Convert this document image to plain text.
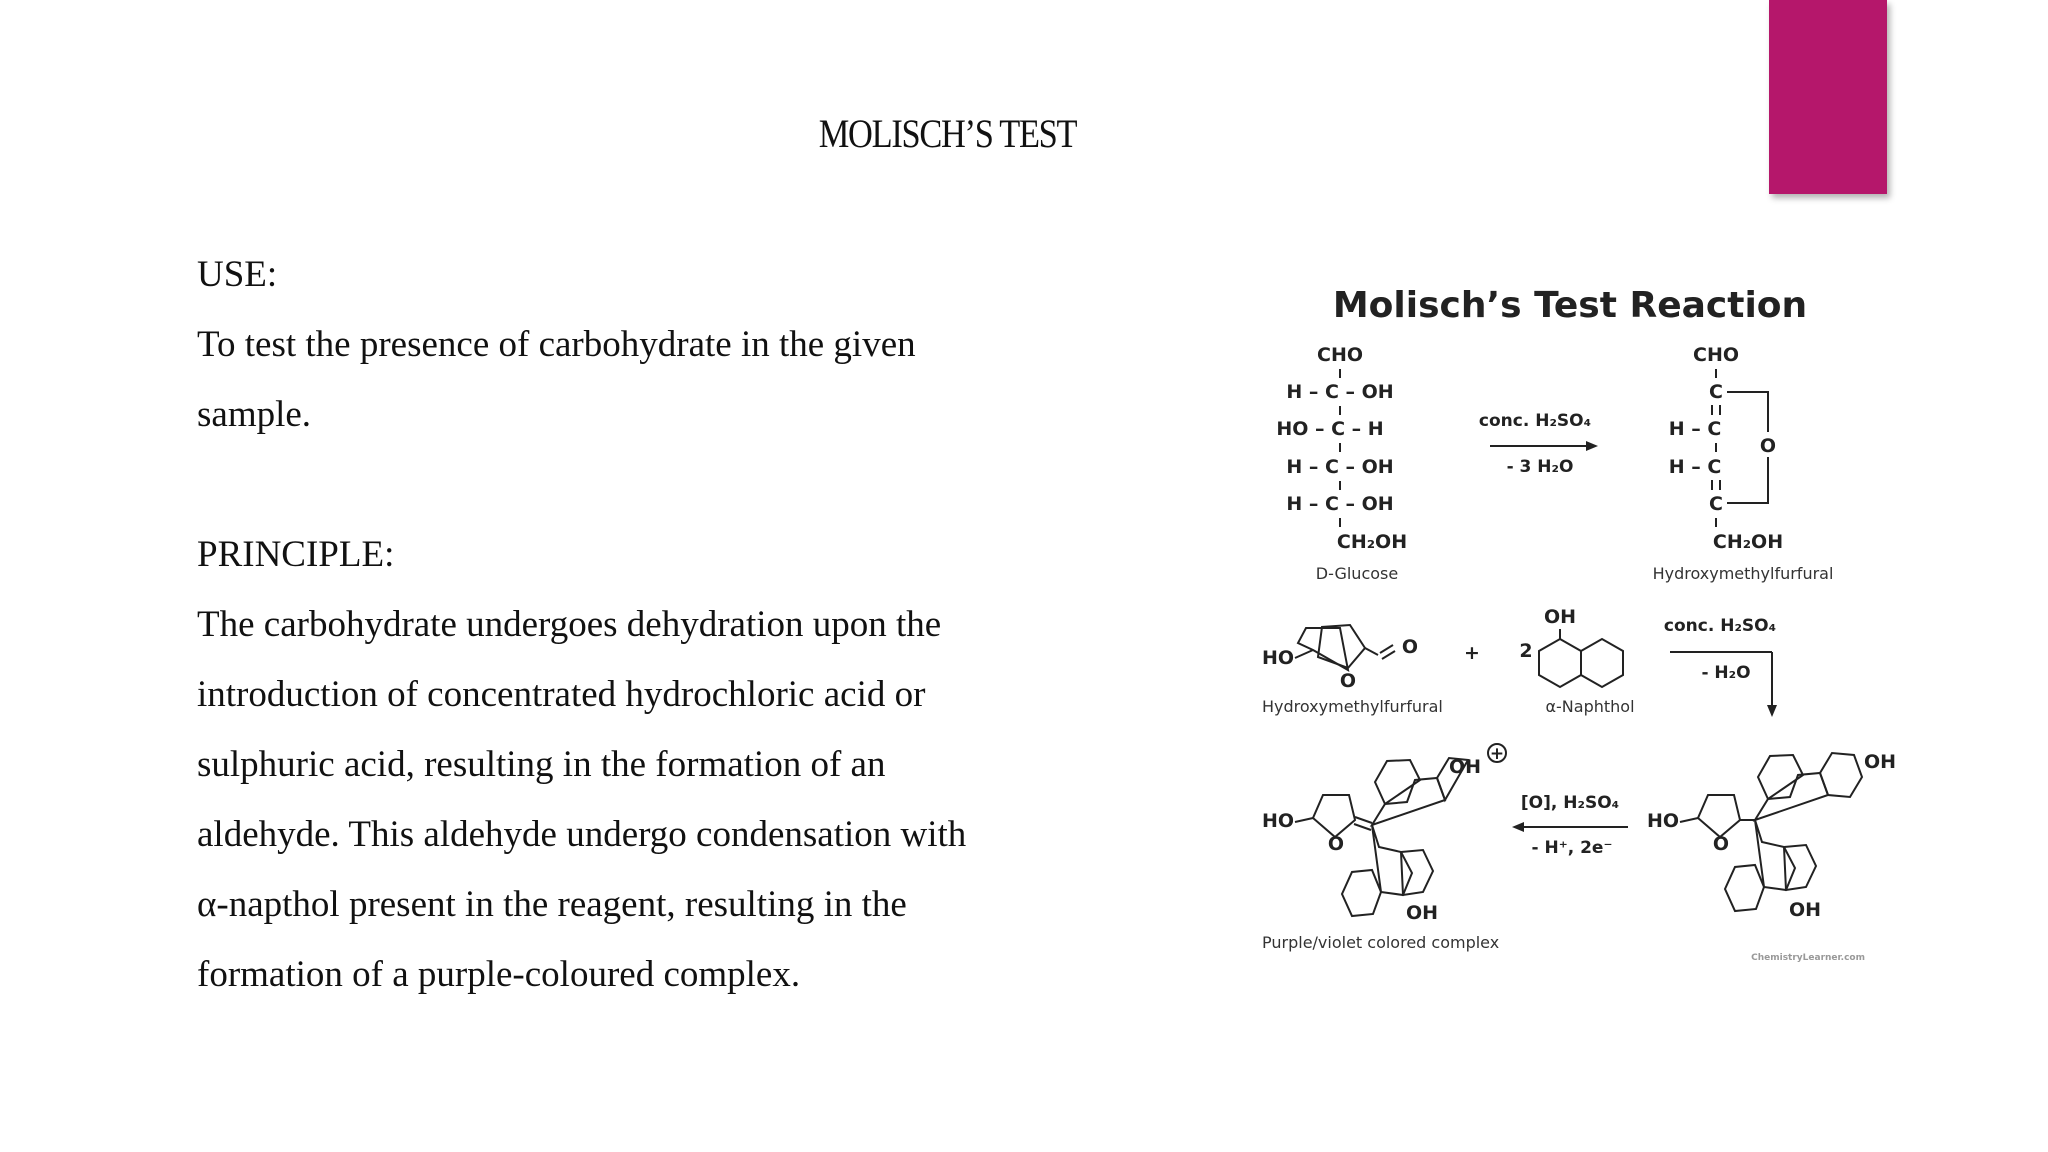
MOLISCH’S TEST

USE:

To test the presence of carbohydrate in the given

sample.

PRINCIPLE:

The carbohydrate undergoes dehydration upon the

introduction of concentrated hydrochloric acid or

sulphuric acid, resulting in the formation of an

aldehyde. This aldehyde undergo condensation with

α-napthol present in the reagent, resulting in the

formation of a purple-coloured complex.

Molisch’s Test Reaction
CHO
H – C – OH
HO – C – H
H – C – OH
H – C – OH
CH₂OH
D-Glucose
conc. H₂SO₄
- 3 H₂O
CHO
C
H – C
H – C
C
CH₂OH
O
Hydroxymethylfurfural
HO
O
O
Hydroxymethylfurfural
+ 2
OH
α-Naphthol
conc. H₂SO₄
- H₂O
HO
O
OH
OH
[O], H₂SO₄
- H⁺, 2e⁻
HO
O
OH
+
OH
Purple/violet colored complex
ChemistryLearner.com
